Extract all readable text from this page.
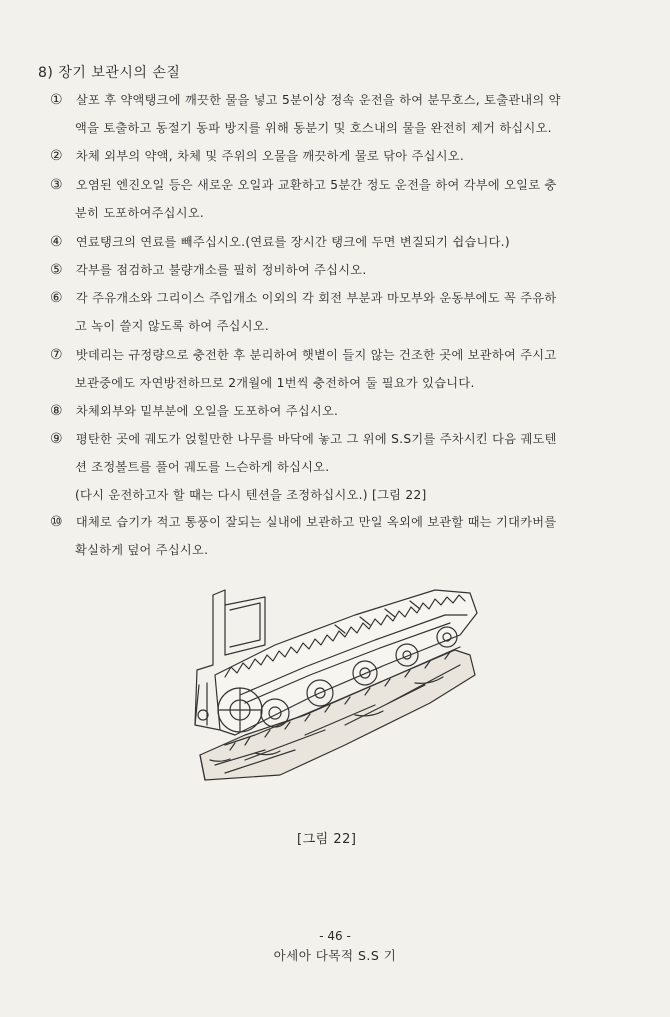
8) 장기 보관시의 손질
① 살포 후 약액탱크에 깨끗한 물을 넣고 5분이상 정속 운전을 하여 분무호스, 토출관내의 약
액을 토출하고 동절기 동파 방지를 위해 동분기 및 호스내의 물을 완전히 제거 하십시오.
② 차체 외부의 약액, 차체 및 주위의 오물을 깨끗하게 물로 닦아 주십시오.
③ 오염된 엔진오일 등은 새로운 오일과 교환하고 5분간 정도 운전을 하여 각부에 오일로 충
분히 도포하여주십시오.
④ 연료탱크의 연료를 빼주십시오.(연료를 장시간 탱크에 두면 변질되기 쉽습니다.)
⑤ 각부를 점검하고 불량개소를 필히 정비하여 주십시오.
⑥ 각 주유개소와 그리이스 주입개소 이외의 각 회전 부분과 마모부와 운동부에도 꼭 주유하
고 녹이 쓸지 않도록 하여 주십시오.
⑦ 밧데리는 규정량으로 충전한 후 분리하여 햇볕이 들지 않는 건조한 곳에 보관하여 주시고
보관중에도 자연방전하므로 2개월에 1번씩 충전하여 둘 필요가 있습니다.
⑧ 차체외부와 밑부분에 오일을 도포하여 주십시오.
⑨ 평탄한 곳에 궤도가 얹힐만한 나무를 바닥에 놓고 그 위에 S.S기를 주차시킨 다음 궤도텐
션 조정볼트를 풀어 궤도를 느슨하게 하십시오.
(다시 운전하고자 할 때는 다시 텐션을 조정하십시오.) [그림 22]
⑩ 대체로 습기가 적고 통풍이 잘되는 실내에 보관하고 만일 옥외에 보관할 때는 기대카버를
확실하게 덮어 주십시오.
[그림 22]
- 46 -
아세아 다목적 S.S 기
